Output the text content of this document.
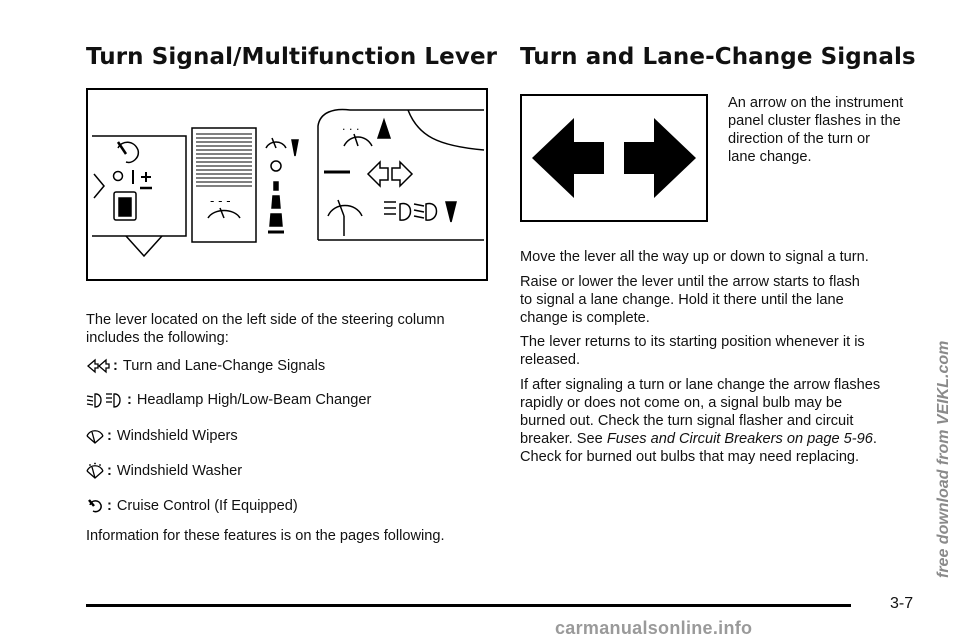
Turn Signal/Multifunction Lever
- - -
. . .
The lever located on the left side of the steering column
includes the following:
: Turn and Lane-Change Signals
: Headlamp High/Low-Beam Changer
: Windshield Wipers
: Windshield Washer
: Cruise Control (If Equipped)
Information for these features is on the pages following.
Turn and Lane-Change Signals
An arrow on the instrument
panel cluster flashes in the
direction of the turn or
lane change.
Move the lever all the way up or down to signal a turn.
Raise or lower the lever until the arrow starts to flash
to signal a lane change. Hold it there until the lane
change is complete.
The lever returns to its starting position whenever it is
released.
If after signaling a turn or lane change the arrow flashes
rapidly or does not come on, a signal bulb may be
burned out. Check the turn signal flasher and circuit
breaker. See Fuses and Circuit Breakers on page 5-96.
Check for burned out bulbs that may need replacing.
3-7
free download from VEIKL.com
carmanualsonline.info
